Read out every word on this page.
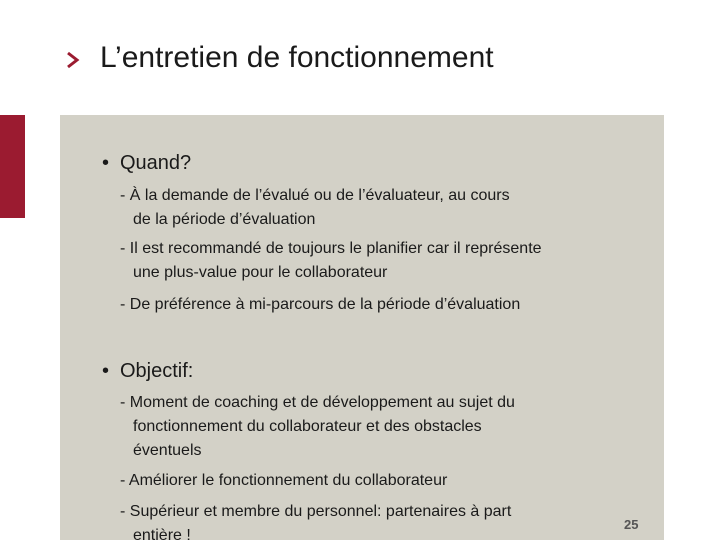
L’entretien de fonctionnement
• Quand?
- À la demande de l’évalué ou de l’évaluateur, au cours
de la période d’évaluation
- Il est recommandé de toujours le planifier car il représente
une plus-value pour le collaborateur
- De préférence à mi-parcours de la période d’évaluation
• Objectif:
- Moment de coaching et de développement au sujet du
fonctionnement du collaborateur et des obstacles
éventuels
- Améliorer le fonctionnement du collaborateur
- Supérieur et membre du personnel: partenaires à part
entière !
25
